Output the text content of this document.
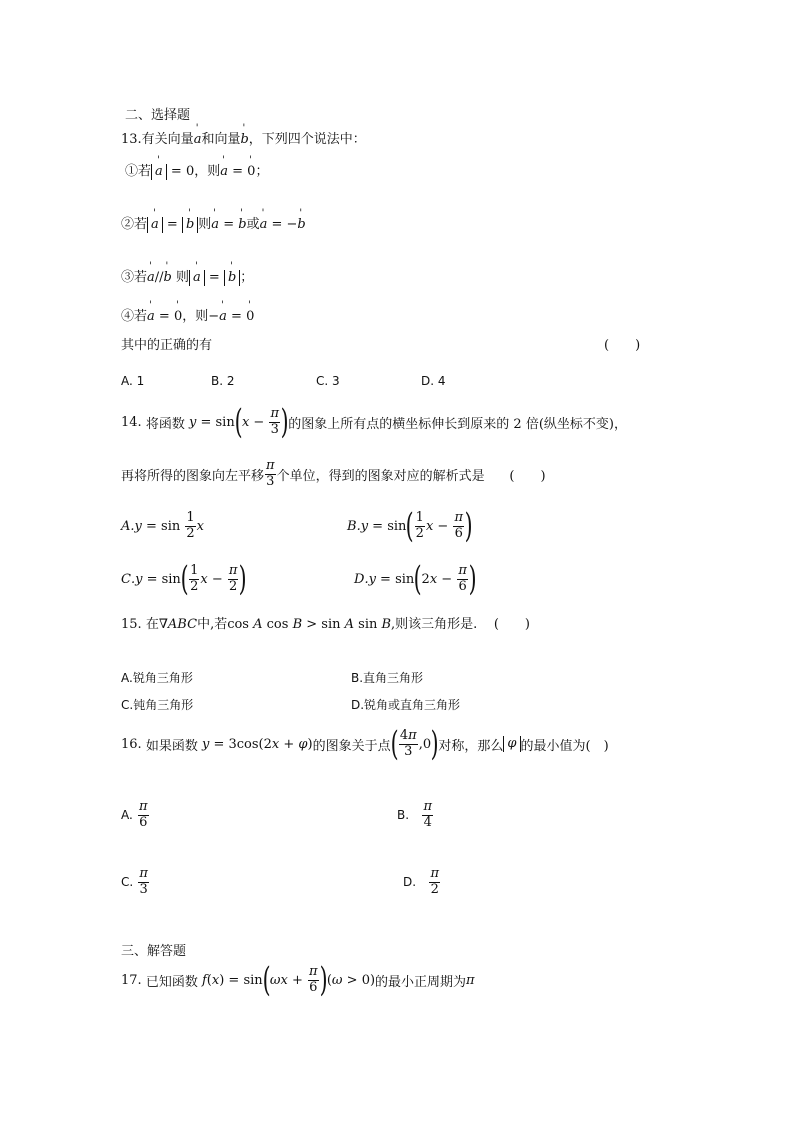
二、选择题
13.有关向量' a和向量' b，下列四个说法中：
①若 ' a = 0，则' a = ' 0；
②若 ' a = ' b 则' a = ' b或' a = −' b
③若' a//' b 则 ' a = ' b ；
④若' a = ' 0，则−' a = ' 0
其中的正确的有	(　　)
A. 1	B. 2	C. 3	D. 4
14.
将函数 y = sin ( $x - \frac{\pi}{3}$ ) 的图象上所有点的横坐标伸长到原来的 2 倍(纵坐标不变)，
再将所得的图象向左平移 $\frac{\pi}{3}$ 个单位，得到的图象对应的解析式是
(　　)
A $.y = \sin \frac{1}{2}$ x	B .y = sin ( $\frac{1}{2}$ $x - \frac{\pi}{6}$ )
C .y = sin ( $\frac{1}{2}$ $x - \frac{\pi}{2}$ )	D .y = sin ( 2 $x - \frac{\pi}{6}$ )
15. 在∇ABC中,若cos A cos B > sin A sin B,则该三角形是. (　　)
A.锐角三角形	B.直角三角形
C.钝角三角形	D.锐角或直角三角形
16.
如果函数 y = 3cos(2 x + φ ) 的图象关于点 ( $\frac{4\pi}{3} ,0$ ) 对称，那么 φ 的最小值为(　)
A.
$\frac{\pi}{6}$	B.
$\frac{\pi}{4}$
C.
$\frac{\pi}{3}$	D.
$\frac{\pi}{2}$
三、解答题
17.
已知函数
f ( x ) = sin ( $\omega x + \frac{\pi}{6}$ ) ( ω > 0) 的最小正周期为 π
